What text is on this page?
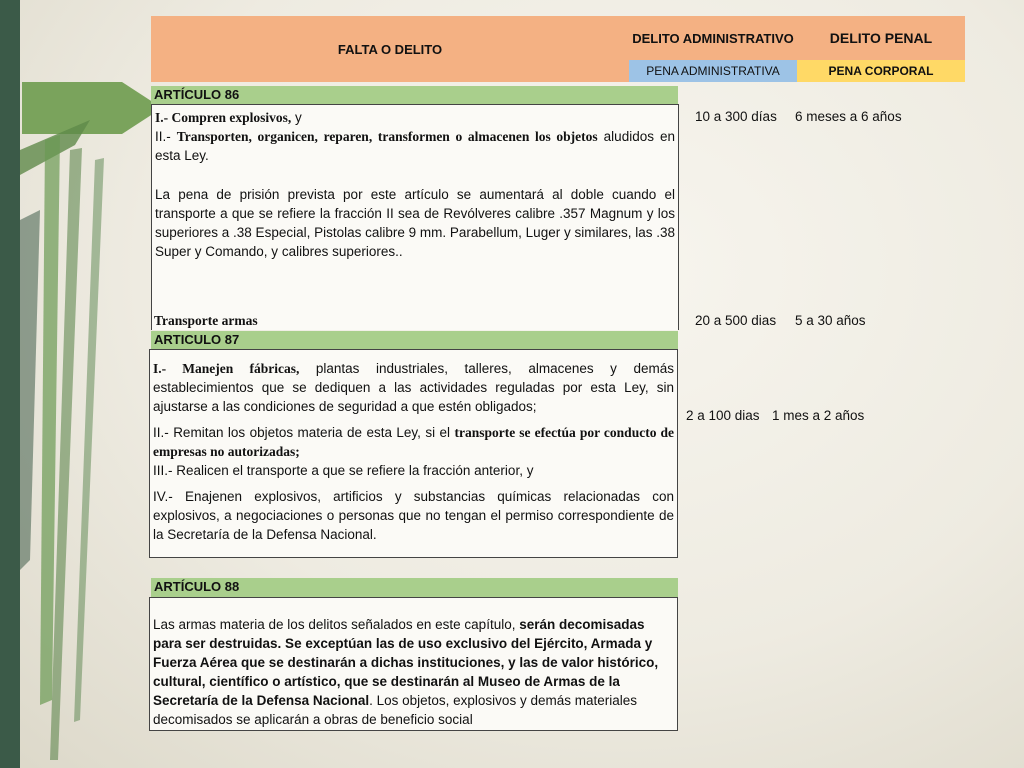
FALTA O DELITO
DELITO ADMINISTRATIVO	DELITO PENAL
PENA ADMINISTRATIVA	PENA CORPORAL
ARTÍCULO 86

I.- Compren explosivos, y

II.- Transporten, organicen, reparen, transformen o almacenen los objetos aludidos en esta Ley.

La pena de prisión prevista por este artículo se aumentará al doble cuando el transporte a que se refiere la fracción II sea de Revólveres calibre .357 Magnum y los superiores a .38 Especial, Pistolas calibre 9 mm. Parabellum, Luger y similares, las .38 Super y Comando, y calibres superiores..

Transporte armas
10 a 300 días 6 meses a 6 años
20 a 500 dias 5 a 30 años
ARTICULO 87

I.- Manejen fábricas, plantas industriales, talleres, almacenes y demás establecimientos que se dediquen a las actividades reguladas por esta Ley, sin ajustarse a las condiciones de seguridad a que estén obligados;

II.- Remitan los objetos materia de esta Ley, si el transporte se efectúa por conducto de empresas no autorizadas;

III.- Realicen el transporte a que se refiere la fracción anterior, y

IV.- Enajenen explosivos, artificios y substancias químicas relacionadas con explosivos, a negociaciones o personas que no tengan el permiso correspondiente de la Secretaría de la Defensa Nacional.

2 a 100 dias 1 mes a 2 años
ARTÍCULO 88

Las armas materia de los delitos señalados en este capítulo, serán decomisadas para ser destruidas. Se exceptúan las de uso exclusivo del Ejército, Armada y Fuerza Aérea que se destinarán a dichas instituciones, y las de valor histórico, cultural, científico o artístico, que se destinarán al Museo de Armas de la Secretaría de la Defensa Nacional. Los objetos, explosivos y demás materiales decomisados se aplicarán a obras de beneficio social
